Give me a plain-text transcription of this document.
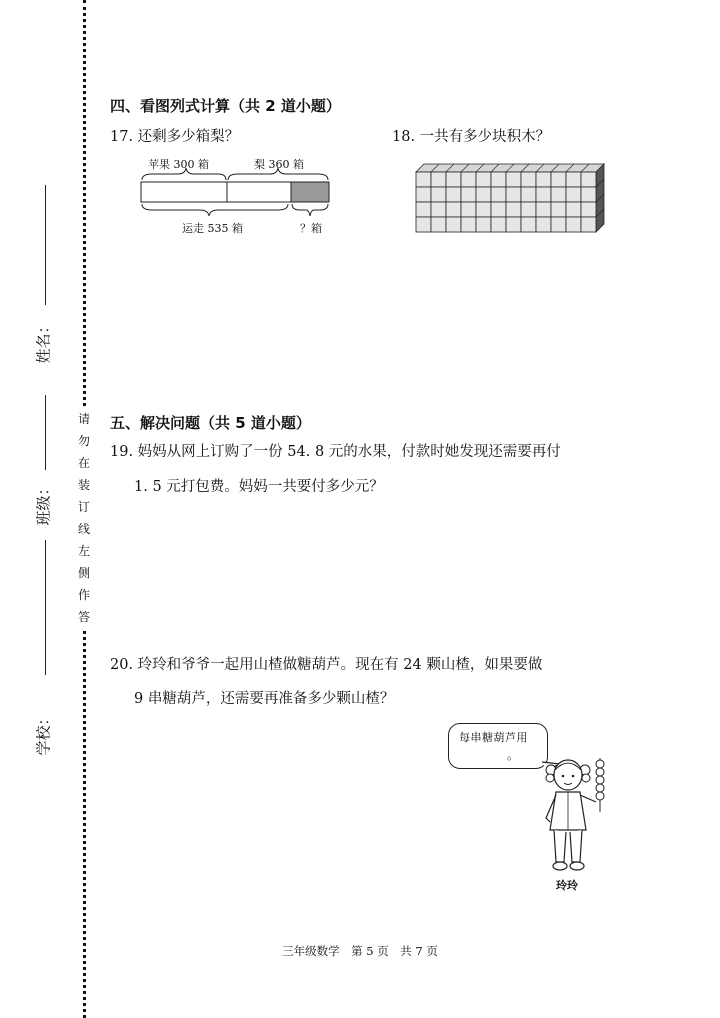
姓名：
班级：
学校：
请
勿
在
装
订
线
左
侧
作
答
四、看图列式计算（共 2 道小题）
17. 还剩多少箱梨？
苹果 300 箱	梨 360 箱
运走 535 箱	？箱
18. 一共有多少块积木？
五、解决问题（共 5 道小题）
19. 妈妈从网上订购了一份 54. 8 元的水果，付款时她发现还需要再付
1. 5 元打包费。妈妈一共要付多少元？
20. 玲玲和爷爷一起用山楂做糖葫芦。现在有 24 颗山楂，如果要做
9 串糖葫芦，还需要再准备多少颗山楂？
每串糖葫芦用
。
玲玲
三年级数学　第 5 页　共 7 页
